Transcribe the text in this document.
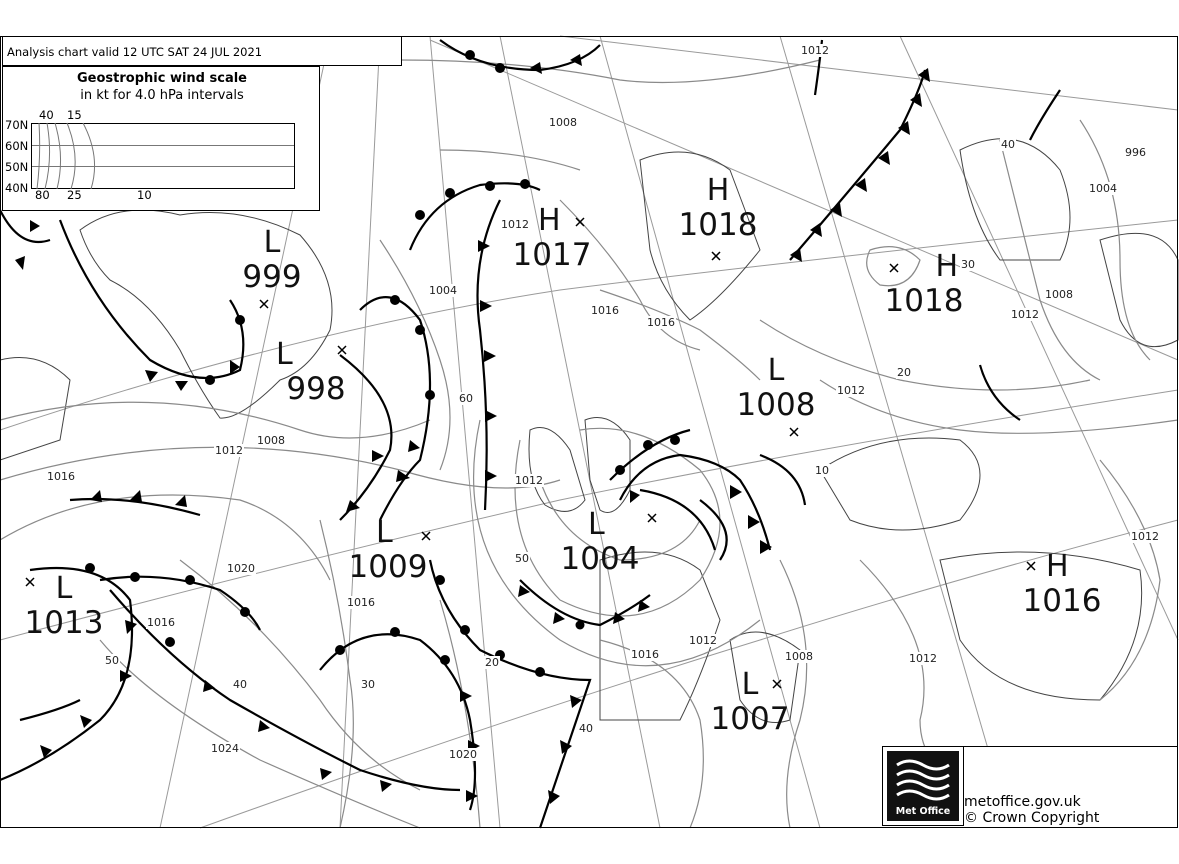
1012
1008
1008
1012
1016
1004
1012
1016
1020
1016
1024	1020
1016
1012
1012
1008	1012
1012
1008
1004
996
1016
1012
1012
1016
40
60
50
40	30
20
10
20
30
40
50
L
999
L
998
H
1017
H
1018
H
1018
L
1008
L
1009
L
1004
L
1013
H
1016
L
1007
Analysis chart valid 12 UTC SAT 24 JUL 2021
Geostrophic wind scale
in kt for 4.0 hPa intervals
40 15
70N
60N
50N
40N 80 25	10
Met Office
metoffice.gov.uk
© Crown Copyright
